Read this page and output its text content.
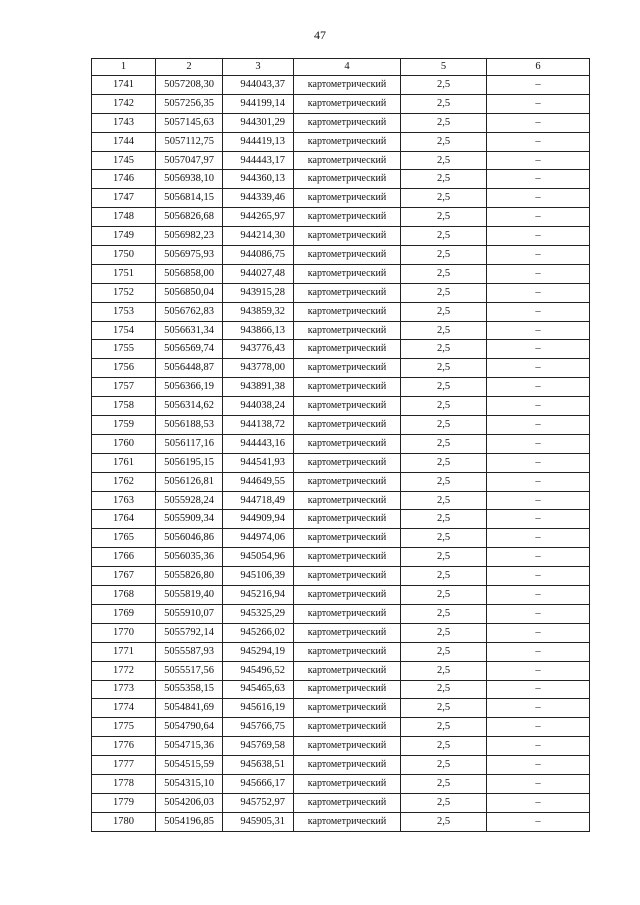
47
1	2	3	4	5	6
1741	5057208,30	944043,37	картометрический	2,5	–
1742	5057256,35	944199,14	картометрический	2,5	–
1743	5057145,63	944301,29	картометрический	2,5	–
1744	5057112,75	944419,13	картометрический	2,5	–
1745	5057047,97	944443,17	картометрический	2,5	–
1746	5056938,10	944360,13	картометрический	2,5	–
1747	5056814,15	944339,46	картометрический	2,5	–
1748	5056826,68	944265,97	картометрический	2,5	–
1749	5056982,23	944214,30	картометрический	2,5	–
1750	5056975,93	944086,75	картометрический	2,5	–
1751	5056858,00	944027,48	картометрический	2,5	–
1752	5056850,04	943915,28	картометрический	2,5	–
1753	5056762,83	943859,32	картометрический	2,5	–
1754	5056631,34	943866,13	картометрический	2,5	–
1755	5056569,74	943776,43	картометрический	2,5	–
1756	5056448,87	943778,00	картометрический	2,5	–
1757	5056366,19	943891,38	картометрический	2,5	–
1758	5056314,62	944038,24	картометрический	2,5	–
1759	5056188,53	944138,72	картометрический	2,5	–
1760	5056117,16	944443,16	картометрический	2,5	–
1761	5056195,15	944541,93	картометрический	2,5	–
1762	5056126,81	944649,55	картометрический	2,5	–
1763	5055928,24	944718,49	картометрический	2,5	–
1764	5055909,34	944909,94	картометрический	2,5	–
1765	5056046,86	944974,06	картометрический	2,5	–
1766	5056035,36	945054,96	картометрический	2,5	–
1767	5055826,80	945106,39	картометрический	2,5	–
1768	5055819,40	945216,94	картометрический	2,5	–
1769	5055910,07	945325,29	картометрический	2,5	–
1770	5055792,14	945266,02	картометрический	2,5	–
1771	5055587,93	945294,19	картометрический	2,5	–
1772	5055517,56	945496,52	картометрический	2,5	–
1773	5055358,15	945465,63	картометрический	2,5	–
1774	5054841,69	945616,19	картометрический	2,5	–
1775	5054790,64	945766,75	картометрический	2,5	–
1776	5054715,36	945769,58	картометрический	2,5	–
1777	5054515,59	945638,51	картометрический	2,5	–
1778	5054315,10	945666,17	картометрический	2,5	–
1779	5054206,03	945752,97	картометрический	2,5	–
1780	5054196,85	945905,31	картометрический	2,5	–
